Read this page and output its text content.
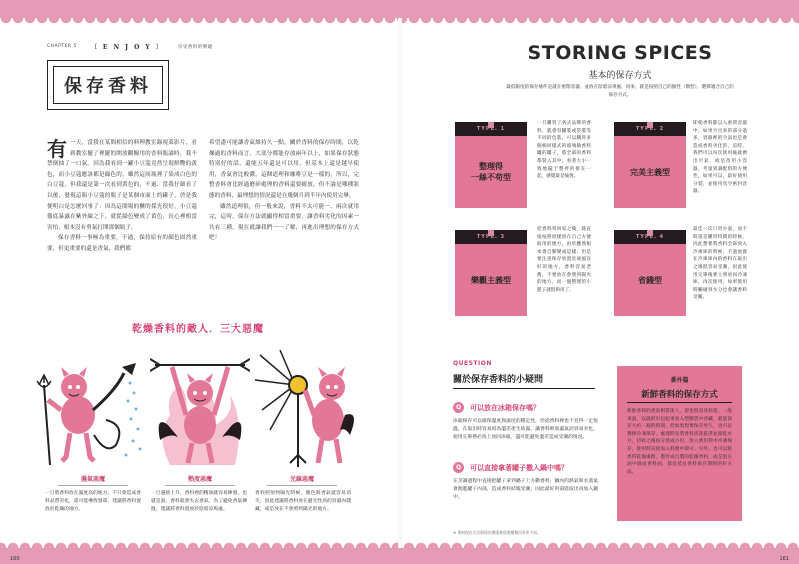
CHAPTER 5 〔 E N J O Y 〕	享受香料的樂趣
保存香料
有 一天，當我在某間相信的料理教室錄視菜影片，看到教室擺了裡擺的開放觀櫥用的香料瓶論時，我不禁倒抽了一口氣。因為我看到一罐小豆蔻竟然呈現鮮艷的黃色，而小豆蔻應該都是綠色的。雖然這间瓶裡了染成白色的白豆蔻，但我還是第一次看到黃色的，不過，當我仔細看了以後，發現這瓶小豆蔻的瓶子是某個市面上的罐子，於是我便明白是怎麼回事了：因為這間場的櫃的採光很好，小豆蔻徹底暴露在紫外線之下，就從綠色變成了黃色，長心裡相當害怕，根本沒有勇氣打開那個瓶子。
保存香料一事極為重要，不過，保持原有的顏色固然重要，但更重要的還是香氣，我們都
希望盡可能讓香氣維持久一點，關於香料的保存時間，以乾燥過的香料而言，大部分都能存放兩年以上，如果保存狀態特別好的話，還能五年還是可以用，但基本上還是越早使用，香氣會比較濃，這個道理和咖啡豆是一樣的，所以，完整香料會比經過磨碎處理的香料還要耐放，但不論是哪種狀態的香料，最理想的情況還是在幾個月到半年內使用完畢。
雖然道理很，但一般來說，香料不太可能一、兩次就用完，這時，保存方法就顯得相當重要，讓香料劣化的因素一共有三種，現在就讓我們一一了解，再進出理想的保存方式吧！
乾燥香料的敵人．三大惡魔
濕氣惡魔
一旦將香料放在濕度高的地方，不只會造成香料品質劣化，還可能導致發霉，建議將香料置放於乾燥的地方。
熱度惡魔
一旦遇熱上升，香料裡的精油就容易揮發，也就是說，香料就會失去香氣。為了避免香氣揮散，建議將香料置放於陰暗涼爽處。
光線惡魔
香料照射到陽光時候，顏色與香氣就容易消失，因此建議將香料放在避光性高的容器內儲藏，或是放在不會照到陽光的地方。
160
STORING SPICES
基本的保存方式
最低限度的保存條件是就在密閉容器，並放在陰暗涼爽處。再來，就是按照自己的個性（類型），選擇適合自己的保存方式。
TYPE. 1
整理得
一絲不苟型
一旦購買了各式品牌的香料，就會有罐裝或袋裝等不同的包裝，可以購買多個相同樣式的玻璃做香料罐的罐子，將全部的香料都裝入其中，看著大小一致地擺于整齊的排在一起，感覺最是愉悅。
TYPE. 2
完美主義型
即使香料都以入密閉容器中，如果空出來的部分過多，容器裡的空氣也是會造成香料劣化的，這時，我們可以每次使用後就擠出空氣，或是改用小容器，考量到調配時的方便性，如果可以，最好使用分裝，並使用真空密封容器。
TYPE. 3
樂觀主義型
把香料買回家之後，就直接按照原樣放在自己方便取用的地方，由於雖然根本會自動變成這樣，但是要注意保存放置於通風良好的地方，香料容易老舊，不要放在會照到陽光的地方，而一個整理的小籃子就很夠用了。
TYPE. 4
省錢型
最佳一次只買少量，而不時還是購買特價的時候，因此想要將香料全部放入冷凍庫的時候，不過放置在冷凍庫內的香料在取出之後很容易受潮，因此使用完畢後要立刻放回冷凍庫，再次使用，如果使用時觸碰到水分也會讓香料受潮。
QUESTION
關於保存香料的小疑問
Q	可以放在冰箱保存嗎？
冰箱保存可以確保溫度與濕度的穩定性，但從香料裡也不見得一定恆溫，在取出時容易因為溫差產生結露，讓香料吸收濕氣而容易劣化，使用完畢務必馬上放回冰箱，盡可能避免溫差造成受潮的情況。
Q	可以直接拿著罐子撒入鍋中嗎？
在烹調過程中直接把罐子拿到鍋子上方撒香料，鍋內的熱氣和水蒸氣會跑進罐子內部，造成香料結塊受潮，因此最好用湯匙取出再加入鍋中。
※ 香料保存方法與保存期限會依照種類而有所不同。
番外篇
新鮮香料的保存方式
新鮮香料的香氣相當迷人，卻也很容易枯萎，一般來說，以濕紙巾包起來放入塑膠袋中冷藏，就能保存大約一週的時間，但如果想要保存更久，也可以選擇冷凍保存。處理時先將香料清洗乾淨並擦乾水分，切碎之後再分裝成小份，放入密封袋中冷凍保存，使用時直接加入料理中即可。另外，也可以將香料乾燥處理，製作成自製的乾燥香料，或是泡在油中做成香料油，都是延長香料保存期限的好方法。
161
